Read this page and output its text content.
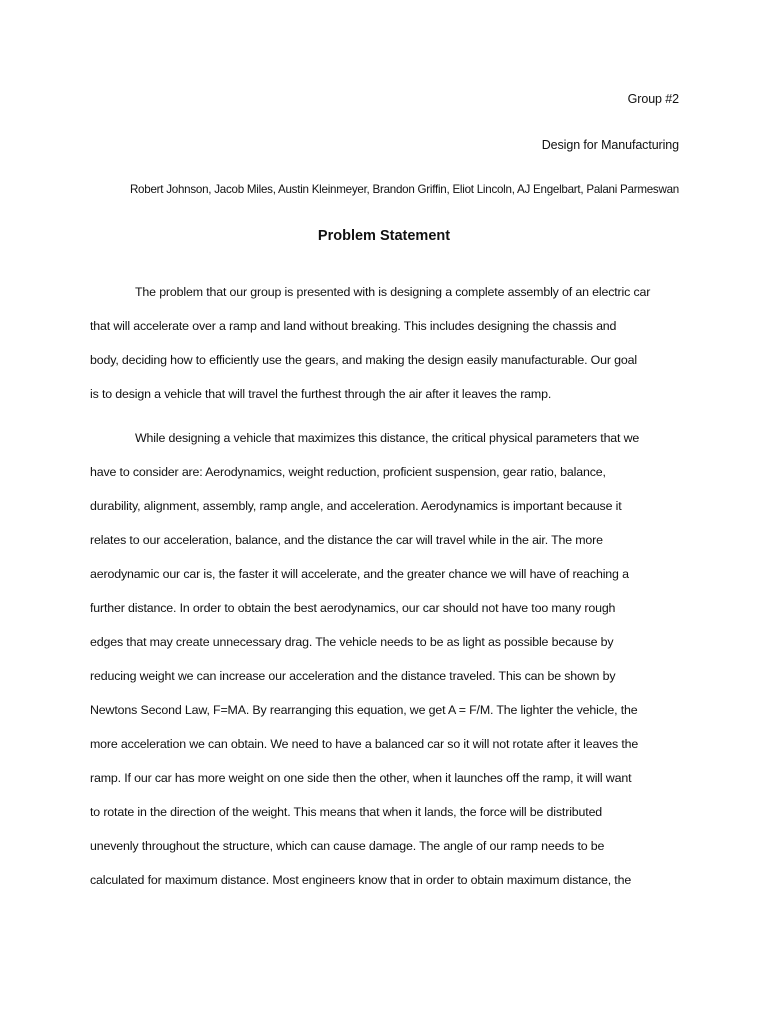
Group #2
Design for Manufacturing
Robert Johnson, Jacob Miles, Austin Kleinmeyer, Brandon Griffin, Eliot Lincoln, AJ Engelbart, Palani Parmeswan
Problem Statement
The problem that our group is presented with is designing a complete assembly of an electric car
that will accelerate over a ramp and land without breaking. This includes designing the chassis and
body, deciding how to efficiently use the gears, and making the design easily manufacturable. Our goal
is to design a vehicle that will travel the furthest through the air after it leaves the ramp.
While designing a vehicle that maximizes this distance, the critical physical parameters that we
have to consider are: Aerodynamics, weight reduction, proficient suspension, gear ratio, balance,
durability, alignment, assembly, ramp angle, and acceleration. Aerodynamics is important because it
relates to our acceleration, balance, and the distance the car will travel while in the air. The more
aerodynamic our car is, the faster it will accelerate, and the greater chance we will have of reaching a
further distance. In order to obtain the best aerodynamics, our car should not have too many rough
edges that may create unnecessary drag. The vehicle needs to be as light as possible because by
reducing weight we can increase our acceleration and the distance traveled. This can be shown by
Newtons Second Law, F=MA. By rearranging this equation, we get A = F/M. The lighter the vehicle, the
more acceleration we can obtain. We need to have a balanced car so it will not rotate after it leaves the
ramp. If our car has more weight on one side then the other, when it launches off the ramp, it will want
to rotate in the direction of the weight. This means that when it lands, the force will be distributed
unevenly throughout the structure, which can cause damage. The angle of our ramp needs to be
calculated for maximum distance. Most engineers know that in order to obtain maximum distance, the
